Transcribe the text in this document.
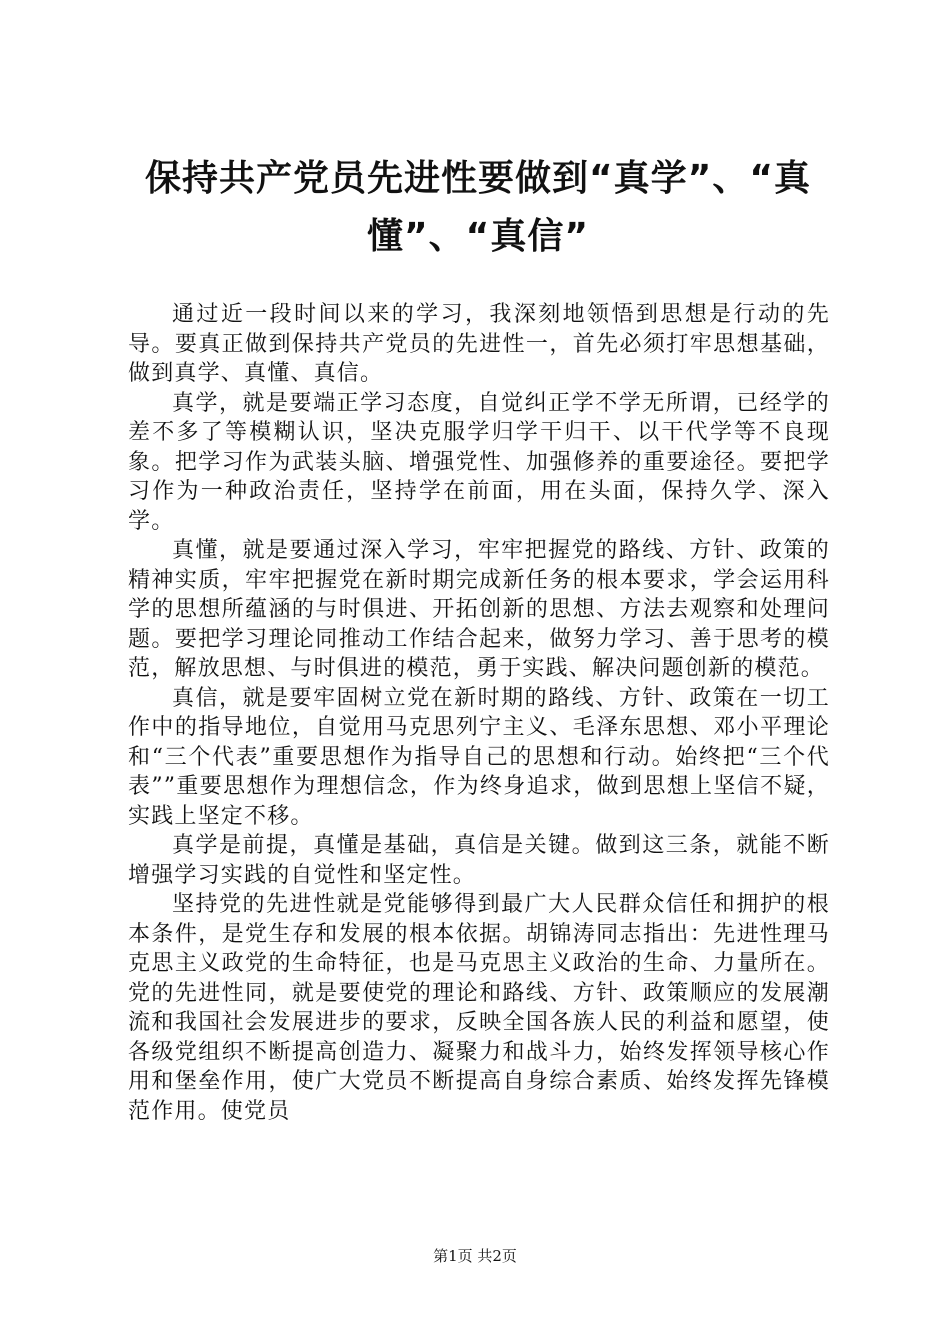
保持共产党员先进性要做到“真学”、“真懂”、“真信”

通过近一段时间以来的学习，我深刻地领悟到思想是行动的先导。要真正做到保持共产党员的先进性一，首先必须打牢思想基础，做到真学、真懂、真信。

真学，就是要端正学习态度，自觉纠正学不学无所谓，已经学的差不多了等模糊认识，坚决克服学归学干归干、以干代学等不良现象。把学习作为武装头脑、增强党性、加强修养的重要途径。要把学习作为一种政治责任，坚持学在前面，用在头面，保持久学、深入学。

真懂，就是要通过深入学习，牢牢把握党的路线、方针、政策的精神实质，牢牢把握党在新时期完成新任务的根本要求，学会运用科学的思想所蕴涵的与时俱进、开拓创新的思想、方法去观察和处理问题。要把学习理论同推动工作结合起来，做努力学习、善于思考的模范，解放思想、与时俱进的模范，勇于实践、解决问题创新的模范。

真信，就是要牢固树立党在新时期的路线、方针、政策在一切工作中的指导地位，自觉用马克思列宁主义、毛泽东思想、邓小平理论和“三个代表”重要思想作为指导自己的思想和行动。始终把“三个代表””重要思想作为理想信念，作为终身追求，做到思想上坚信不疑，实践上坚定不移。

真学是前提，真懂是基础，真信是关键。做到这三条，就能不断增强学习实践的自觉性和坚定性。

坚持党的先进性就是党能够得到最广大人民群众信任和拥护的根本条件，是党生存和发展的根本依据。胡锦涛同志指出：先进性理马克思主义政党的生命特征，也是马克思主义政治的生命、力量所在。党的先进性同，就是要使党的理论和路线、方针、政策顺应的发展潮流和我国社会发展进步的要求，反映全国各族人民的利益和愿望，使各级党组织不断提高创造力、凝聚力和战斗力，始终发挥领导核心作用和堡垒作用，使广大党员不断提高自身综合素质、始终发挥先锋模范作用。使党员

第1页 共2页
